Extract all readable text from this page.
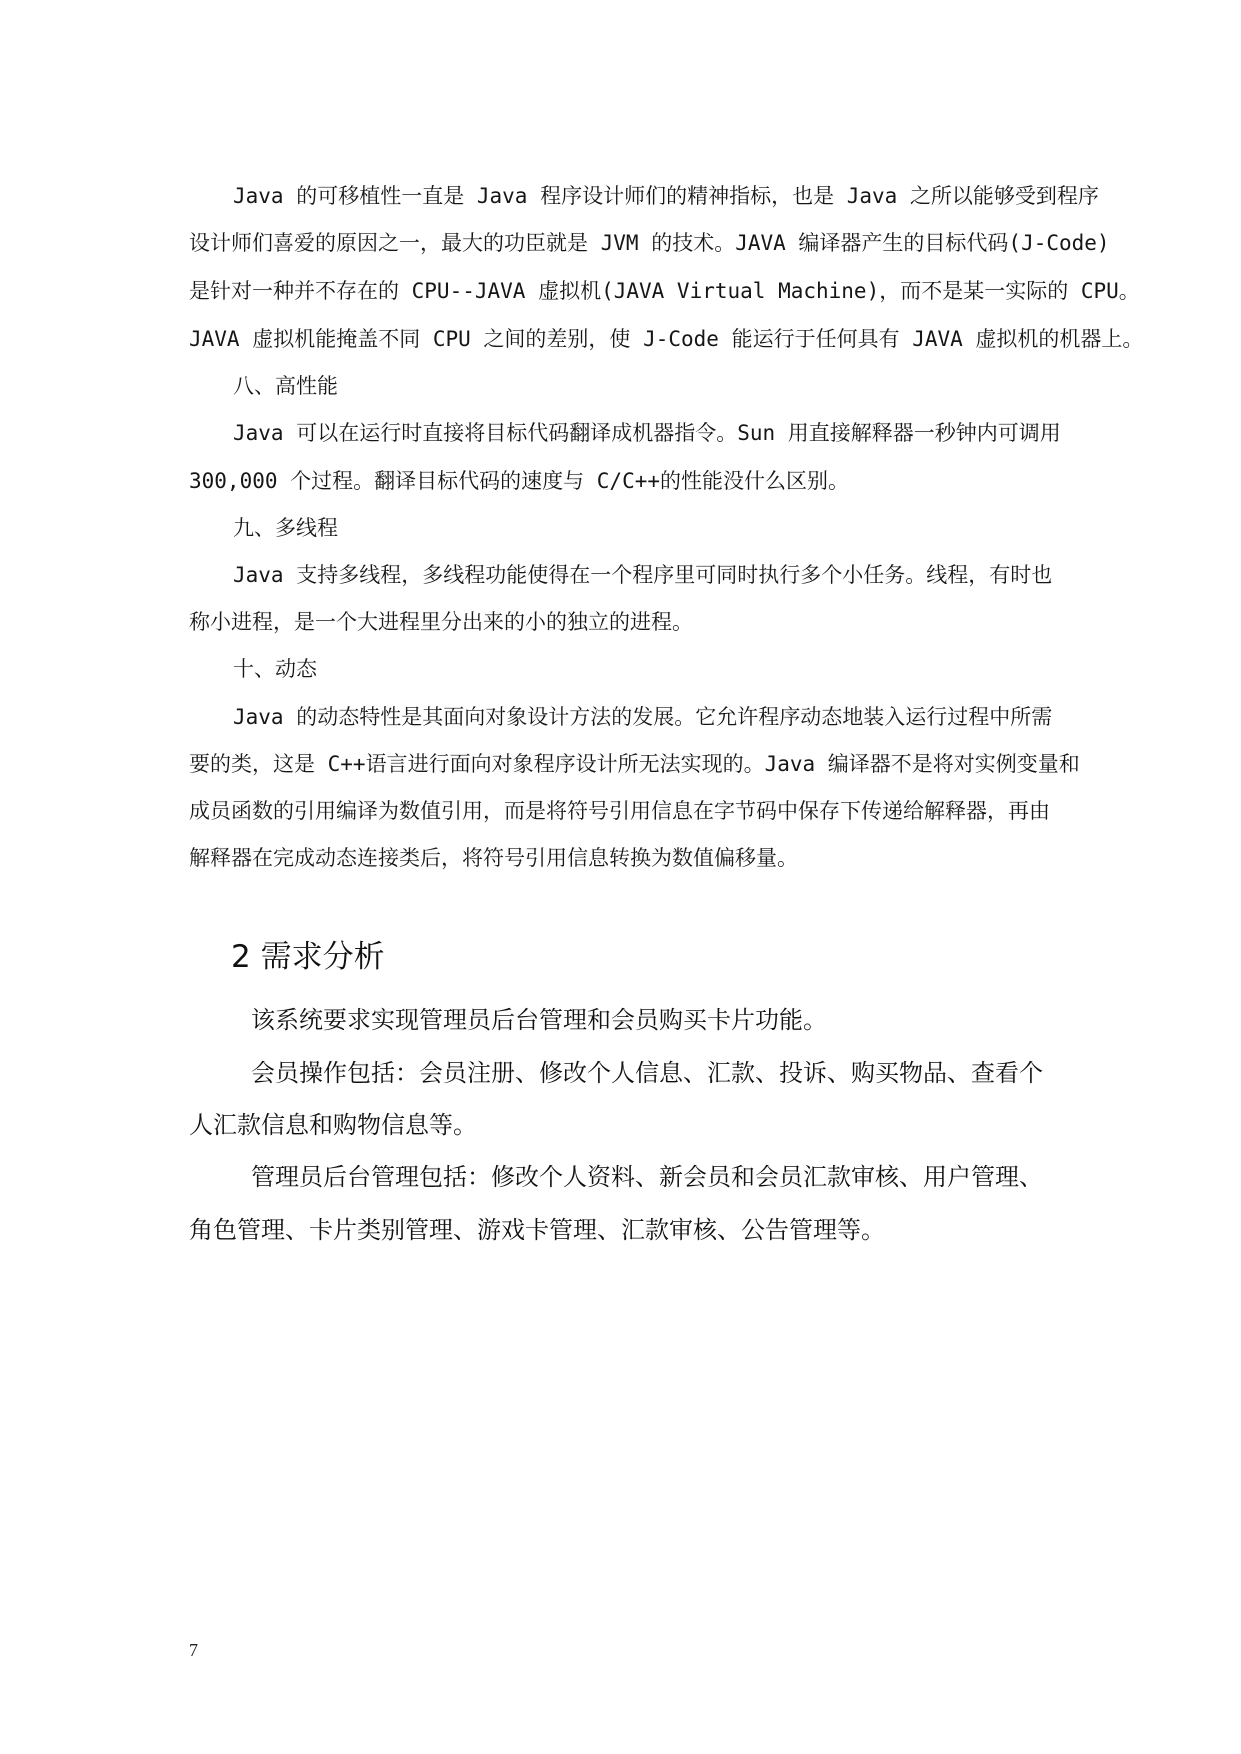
Java 的可移植性一直是 Java 程序设计师们的精神指标，也是 Java 之所以能够受到程序
设计师们喜爱的原因之一，最大的功臣就是 JVM 的技术。JAVA 编译器产生的目标代码(J-Code)
是针对一种并不存在的 CPU--JAVA 虚拟机(JAVA Virtual Machine)，而不是某一实际的 CPU。
JAVA 虚拟机能掩盖不同 CPU 之间的差别，使 J-Code 能运行于任何具有 JAVA 虚拟机的机器上。
八、高性能
Java 可以在运行时直接将目标代码翻译成机器指令。Sun 用直接解释器一秒钟内可调用
300,000 个过程。翻译目标代码的速度与 C/C++的性能没什么区别。
九、多线程
Java 支持多线程，多线程功能使得在一个程序里可同时执行多个小任务。线程，有时也
称小进程，是一个大进程里分出来的小的独立的进程。
十、动态
Java 的动态特性是其面向对象设计方法的发展。它允许程序动态地装入运行过程中所需
要的类，这是 C++语言进行面向对象程序设计所无法实现的。Java 编译器不是将对实例变量和
成员函数的引用编译为数值引用，而是将符号引用信息在字节码中保存下传递给解释器，再由
解释器在完成动态连接类后，将符号引用信息转换为数值偏移量。
2 需求分析
该系统要求实现管理员后台管理和会员购买卡片功能。
会员操作包括：会员注册、修改个人信息、汇款、投诉、购买物品、查看个
人汇款信息和购物信息等。
管理员后台管理包括：修改个人资料、新会员和会员汇款审核、用户管理、
角色管理、卡片类别管理、游戏卡管理、汇款审核、公告管理等。
7
